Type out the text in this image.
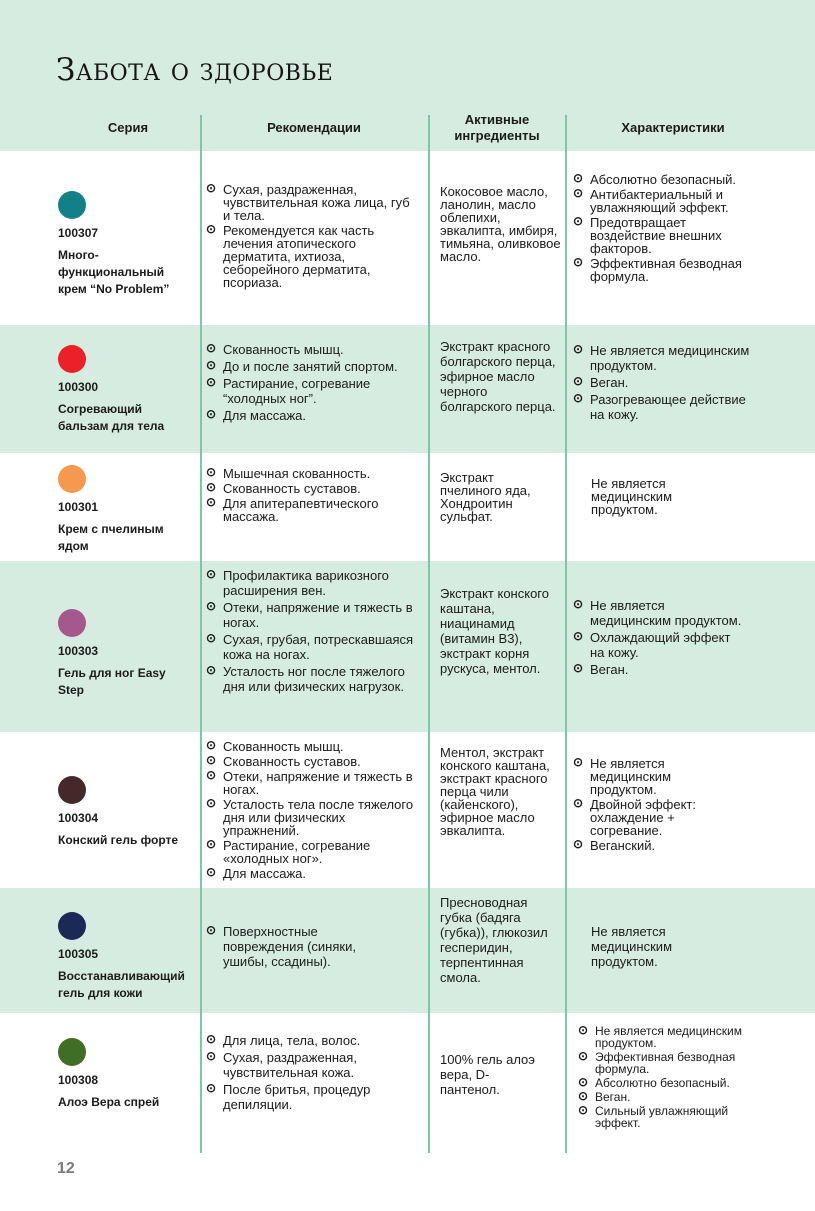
Забота о здоровье
Серия	Рекомендации
Активные ингредиенты
Характеристики
100307
Много-функциональный крем “No Problem”
⊙ Сухая, раздраженная, чувствительная кожа лица, губ и тела.
⊙ Рекомендуется как часть лечения атопического дерматита, ихтиоза, себорейного дерматита, псориаза.
Кокосовое масло, ланолин, масло облепихи, эвкалипта, имбиря, тимьяна, оливковое масло.
⊙ Абсолютно безопасный.
⊙ Антибактериальный и увлажняющий эффект.
⊙ Предотвращает воздействие внешних факторов.
⊙ Эффективная безводная формула.
100300
Согревающий бальзам для тела
⊙ Скованность мышц.
⊙ До и после занятий спортом.
⊙ Растирание, согревание “холодных ног”.
⊙ Для массажа.
Экстракт красного болгарского перца, эфирное масло черного болгарского перца.
⊙ Не является медицинским продуктом.
⊙ Веган.
⊙ Разогревающее действие на кожу.
100301
Крем с пчелиным ядом
⊙ Мышечная скованность.
⊙ Скованность суставов.
⊙ Для апитерапевтического массажа.
Экстракт пчелиного яда, Хондроитин сульфат.
Не является медицинским продуктом.
100303
Гель для ног Easy Step
⊙ Профилактика варикозного расширения вен.
⊙ Отеки, напряжение и тяжесть в ногах.
⊙ Сухая, грубая, потрескавшаяся кожа на ногах.
⊙ Усталость ног после тяжелого дня или физических нагрузок.
Экстракт конского каштана, ниацинамид (витамин B3), экстракт корня рускуса, ментол.
⊙ Не является медицинским продуктом.
⊙ Охлаждающий эффект на кожу.
⊙ Веган.
100304
Конский гель форте
⊙ Скованность мышц.
⊙ Скованность суставов.
⊙ Отеки, напряжение и тяжесть в ногах.
⊙ Усталость тела после тяжелого дня или физических упражнений.
⊙ Растирание, согревание «холодных ног».
⊙ Для массажа.
Ментол, экстракт конского каштана, экстракт красного перца чили (кайенского), эфирное масло эвкалипта.
⊙ Не является медицинским продуктом.
⊙ Двойной эффект: охлаждение + согревание.
⊙ Веганский.
100305
Восстанавливающий гель для кожи
⊙ Поверхностные повреждения (синяки, ушибы, ссадины).
Пресноводная губка (бадяга (губка)), глюкозил гесперидин, терпентинная смола.
Не является медицинским продуктом.
100308
Алоэ Вера спрей
⊙ Для лица, тела, волос.
⊙ Сухая, раздраженная, чувствительная кожа.
⊙ После бритья, процедур депиляции.
100% гель алоэ вера, D-пантенол.
⊙ Не является медицинским продуктом.
⊙ Эффективная безводная формула.
⊙ Абсолютно безопасный.
⊙ Веган.
⊙ Сильный увлажняющий эффект.
12
